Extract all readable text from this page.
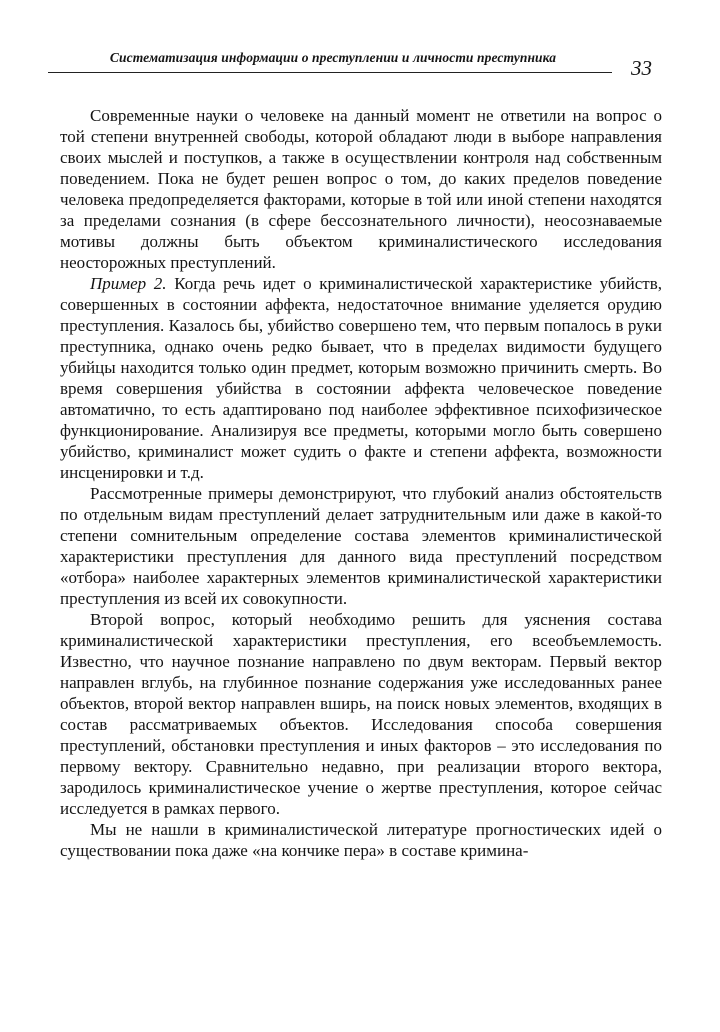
Систематизация информации о преступлении и личности преступника	33

Современные науки о человеке на данный момент не ответили на вопрос о той степени внутренней свободы, которой обладают люди в выборе направления своих мыслей и поступков, а также в осуществлении контроля над собственным поведением. Пока не будет решен вопрос о том, до каких пределов поведение человека предопределяется факторами, которые в той или иной степени находятся за пределами сознания (в сфере бессознательного личности), неосознаваемые мотивы должны быть объектом криминалистического исследования неосторожных преступлений.

Пример 2. Когда речь идет о криминалистической характеристике убийств, совершенных в состоянии аффекта, недостаточное внимание уделяется орудию преступления. Казалось бы, убийство совершено тем, что первым попалось в руки преступника, однако очень редко бывает, что в пределах видимости будущего убийцы находится только один предмет, которым возможно причинить смерть. Во время совершения убийства в состоянии аффекта человеческое поведение автоматично, то есть адаптировано под наиболее эффективное психофизическое функционирование. Анализируя все предметы, которыми могло быть совершено убийство, криминалист может судить о факте и степени аффекта, возможности инсценировки и т.д.

Рассмотренные примеры демонстрируют, что глубокий анализ обстоятельств по отдельным видам преступлений делает затруднительным или даже в какой-то степени сомнительным определение состава элементов криминалистической характеристики преступления для данного вида преступлений посредством «отбора» наиболее характерных элементов криминалистической характеристики преступления из всей их совокупности.

Второй вопрос, который необходимо решить для уяснения состава криминалистической характеристики преступления, его всеобъемлемость. Известно, что научное познание направлено по двум векторам. Первый вектор направлен вглубь, на глубинное познание содержания уже исследованных ранее объектов, второй вектор направлен вширь, на поиск новых элементов, входящих в состав рассматриваемых объектов. Исследования способа совершения преступлений, обстановки преступления и иных факторов – это исследования по первому вектору. Сравнительно недавно, при реализации второго вектора, зародилось криминалистическое учение о жертве преступления, которое сейчас исследуется в рамках первого.

Мы не нашли в криминалистической литературе прогностических идей о существовании пока даже «на кончике пера» в составе кримина-
